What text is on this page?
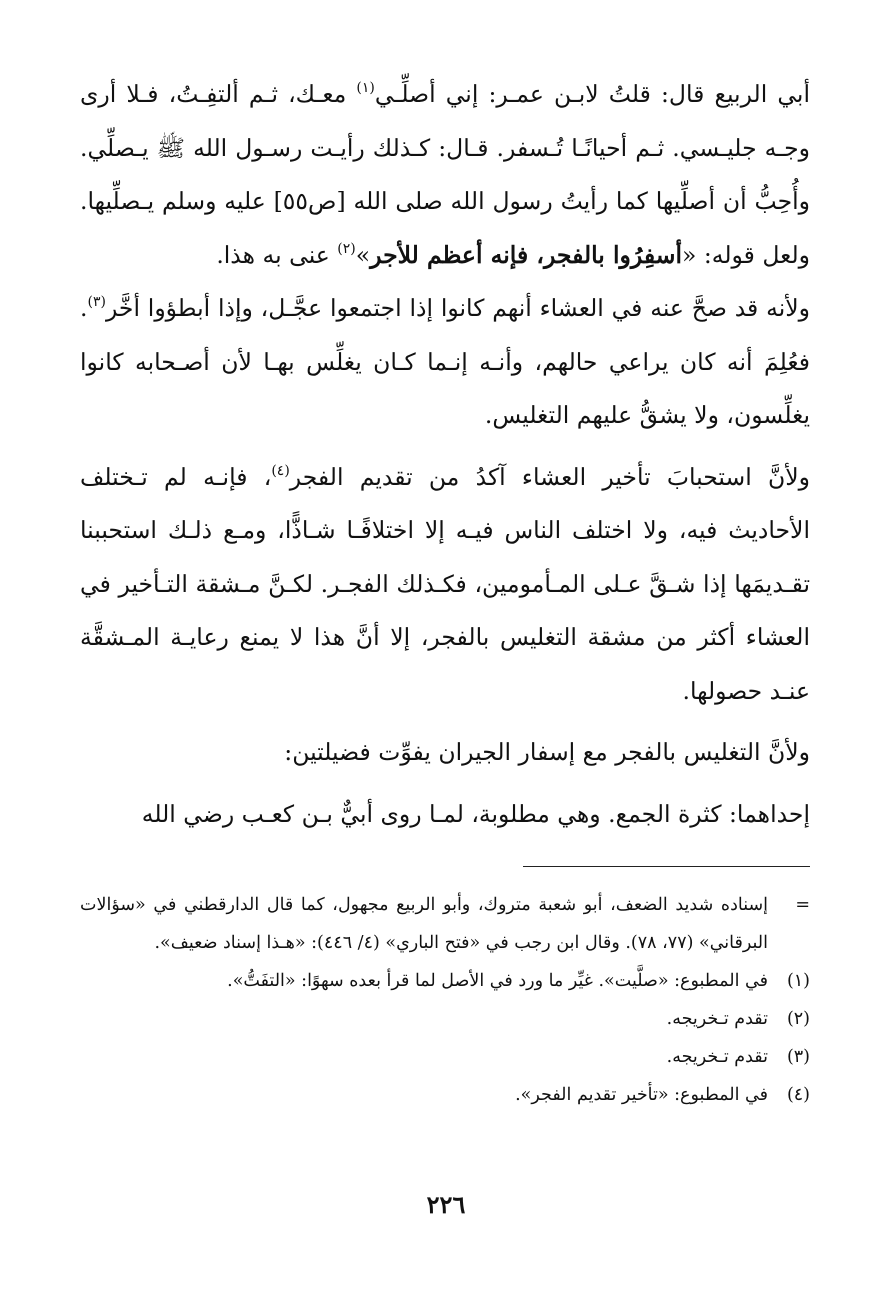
أبي الربيع قال: قلتُ لابـن عمـر: إني أصلِّـي$^{(١)}$ معـك، ثـم ألتفِـتُ، فـلا أرى وجـه جليـسي. ثـم أحيانًـا تُـسفر. قـال: كـذلك رأيـت رسـول الله ﷺ يـصلِّي. وأُحِبُّ أن أصلِّيها كما رأيتُ رسول الله صلى الله [ص٥٥] عليه وسلم يـصلِّيها. ولعل قوله: «أسفِرُوا بالفجر، فإنه أعظم للأجر»$^{(٢)}$ عنى به هذا.

ولأنه قد صحَّ عنه في العشاء أنهم كانوا إذا اجتمعوا عجَّـل، وإذا أبطؤوا أخَّر$^{(٣)}$. فعُلِمَ أنه كان يراعي حالهم، وأنـه إنـما كـان يغلِّس بهـا لأن أصـحابه كانوا يغلِّسون، ولا يشقُّ عليهم التغليس.

ولأنَّ استحبابَ تأخير العشاء آكدُ من تقديم الفجر$^{(٤)}$، فإنـه لم تـختلف الأحاديث فيه، ولا اختلف الناس فيـه إلا اختلافًـا شـاذًّا، ومـع ذلـك استحببنا تقـديمَها إذا شـقَّ عـلى المـأمومين، فكـذلك الفجـر. لكـنَّ مـشقة التـأخير في العشاء أكثر من مشقة التغليس بالفجر، إلا أنَّ هذا لا يمنع رعايـة المـشقَّة عنـد حصولها.

ولأنَّ التغليس بالفجر مع إسفار الجيران يفوِّت فضيلتين:

إحداهما: كثرة الجمع. وهي مطلوبة، لمـا روى أبيٌّ بـن كعـب رضي الله

=
إسناده شديد الضعف، أبو شعبة متروك، وأبو الربيع مجهول، كما قال الدارقطني في «سؤالات البرقاني» (٧٧، ٧٨). وقال ابن رجب في «فتح الباري» (٤/ ٤٤٦): «هـذا إسناد ضعيف».
(١)
في المطبوع: «صلَّيت». غيِّر ما ورد في الأصل لما قرأ بعده سهوًا: «التفَتُّ».
(٢)
تقدم تـخريجه.
(٣)
تقدم تـخريجه.
(٤)
في المطبوع: «تأخير تقديم الفجر».
٢٢٦
